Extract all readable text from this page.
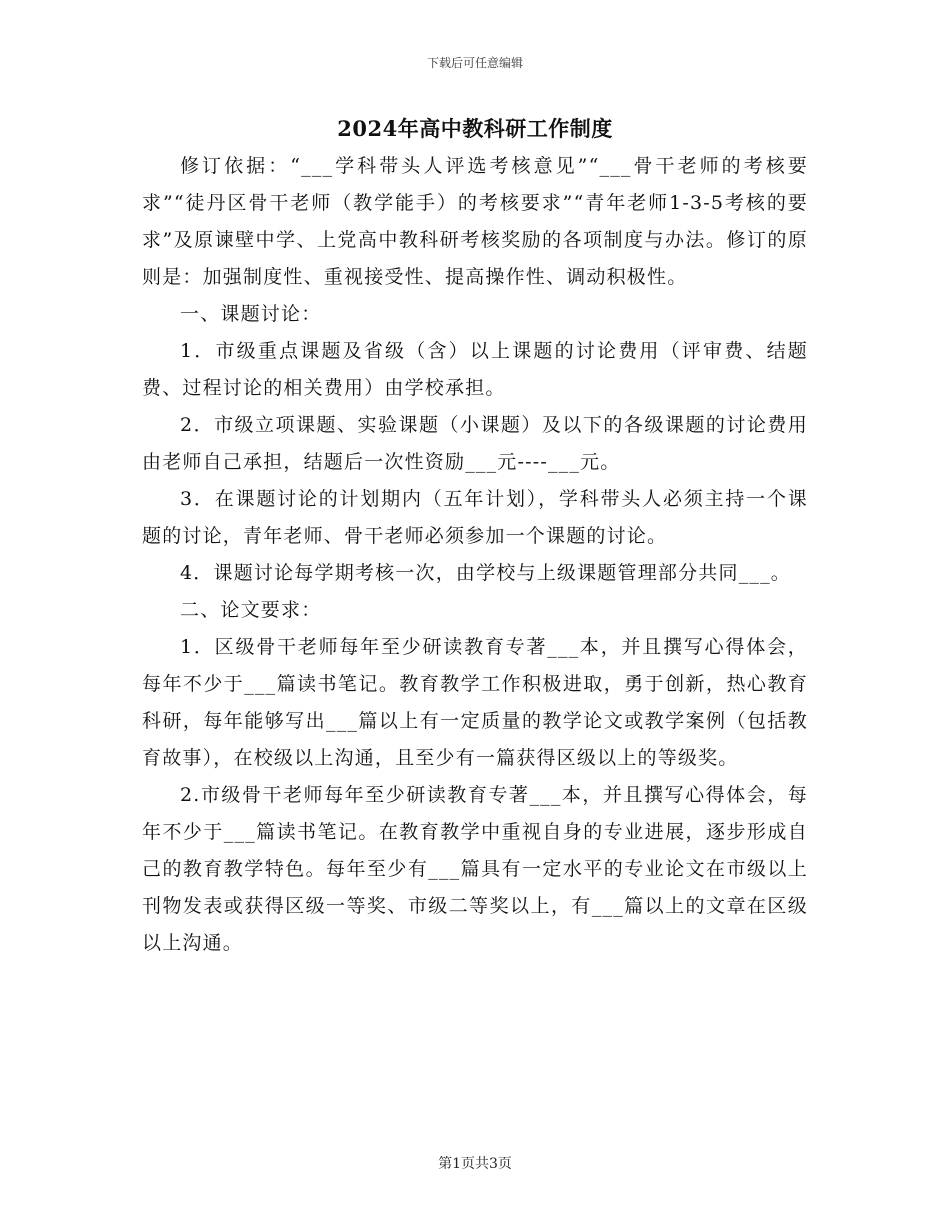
下载后可任意编辑
2024年高中教科研工作制度

修订依据：“___学科带头人评选考核意见”“___骨干老师的考核要求”“徒丹区骨干老师（教学能手）的考核要求”“青年老师1-3-5考核的要求”及原谏壁中学、上党高中教科研考核奖励的各项制度与办法。修订的原则是：加强制度性、重视接受性、提高操作性、调动积极性。

一、课题讨论：

1．市级重点课题及省级（含）以上课题的讨论费用（评审费、结题费、过程讨论的相关费用）由学校承担。

2．市级立项课题、实验课题（小课题）及以下的各级课题的讨论费用由老师自己承担，结题后一次性资励___元----___元。

3．在课题讨论的计划期内（五年计划），学科带头人必须主持一个课题的讨论，青年老师、骨干老师必须参加一个课题的讨论。

4．课题讨论每学期考核一次，由学校与上级课题管理部分共同___。

二、论文要求：

1．区级骨干老师每年至少研读教育专著___本，并且撰写心得体会，每年不少于___篇读书笔记。教育教学工作积极进取，勇于创新，热心教育科研，每年能够写出___篇以上有一定质量的教学论文或教学案例（包括教育故事），在校级以上沟通，且至少有一篇获得区级以上的等级奖。

2.市级骨干老师每年至少研读教育专著___本，并且撰写心得体会，每年不少于___篇读书笔记。在教育教学中重视自身的专业进展，逐步形成自己的教育教学特色。每年至少有___篇具有一定水平的专业论文在市级以上刊物发表或获得区级一等奖、市级二等奖以上，有___篇以上的文章在区级以上沟通。

第1页共3页
